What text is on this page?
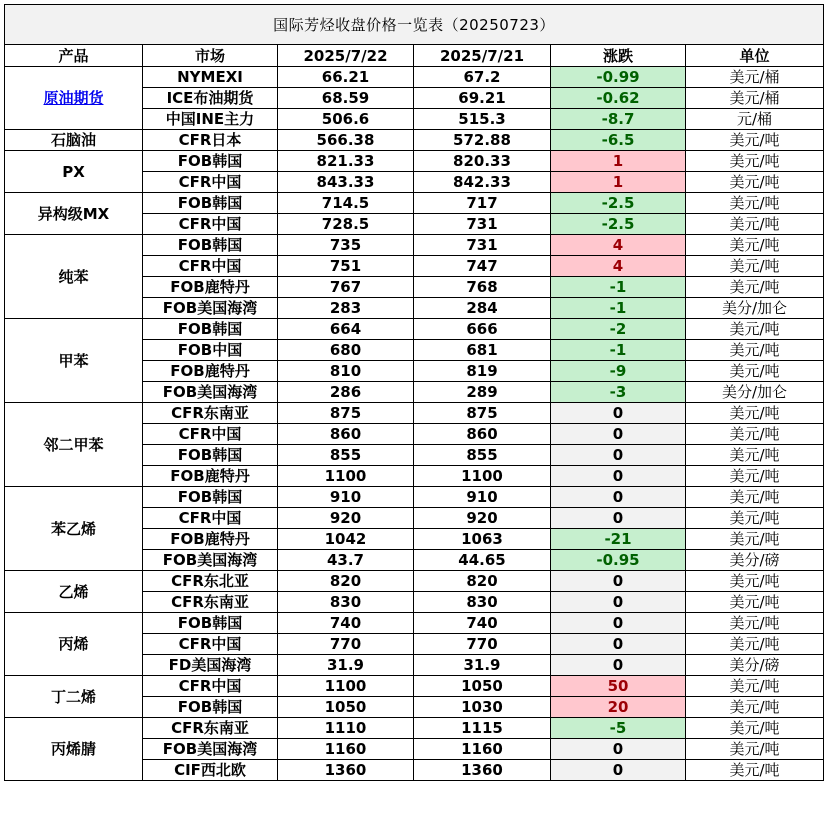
国际芳烃收盘价格一览表（20250723）					
产品	市场	2025/7/22	2025/7/21	涨跌	单位
原油期货	NYMEXI	66.21	67.2	-0.99	美元/桶
	ICE布油期货	68.59	69.21	-0.62	美元/桶
	中国INE主力	506.6	515.3	-8.7	元/桶
石脑油	CFR日本	566.38	572.88	-6.5	美元/吨
PX	FOB韩国	821.33	820.33	1	美元/吨
	CFR中国	843.33	842.33	1	美元/吨
异构级MX	FOB韩国	714.5	717	-2.5	美元/吨
	CFR中国	728.5	731	-2.5	美元/吨
纯苯	FOB韩国	735	731	4	美元/吨
	CFR中国	751	747	4	美元/吨
	FOB鹿特丹	767	768	-1	美元/吨
	FOB美国海湾	283	284	-1	美分/加仑
甲苯	FOB韩国	664	666	-2	美元/吨
	FOB中国	680	681	-1	美元/吨
	FOB鹿特丹	810	819	-9	美元/吨
	FOB美国海湾	286	289	-3	美分/加仑
邻二甲苯	CFR东南亚	875	875	0	美元/吨
	CFR中国	860	860	0	美元/吨
	FOB韩国	855	855	0	美元/吨
	FOB鹿特丹	1100	1100	0	美元/吨
苯乙烯	FOB韩国	910	910	0	美元/吨
	CFR中国	920	920	0	美元/吨
	FOB鹿特丹	1042	1063	-21	美元/吨
	FOB美国海湾	43.7	44.65	-0.95	美分/磅
乙烯	CFR东北亚	820	820	0	美元/吨
	CFR东南亚	830	830	0	美元/吨
丙烯	FOB韩国	740	740	0	美元/吨
	CFR中国	770	770	0	美元/吨
	FD美国海湾	31.9	31.9	0	美分/磅
丁二烯	CFR中国	1100	1050	50	美元/吨
	FOB韩国	1050	1030	20	美元/吨
丙烯腈	CFR东南亚	1110	1115	-5	美元/吨
	FOB美国海湾	1160	1160	0	美元/吨
	CIF西北欧	1360	1360	0	美元/吨
